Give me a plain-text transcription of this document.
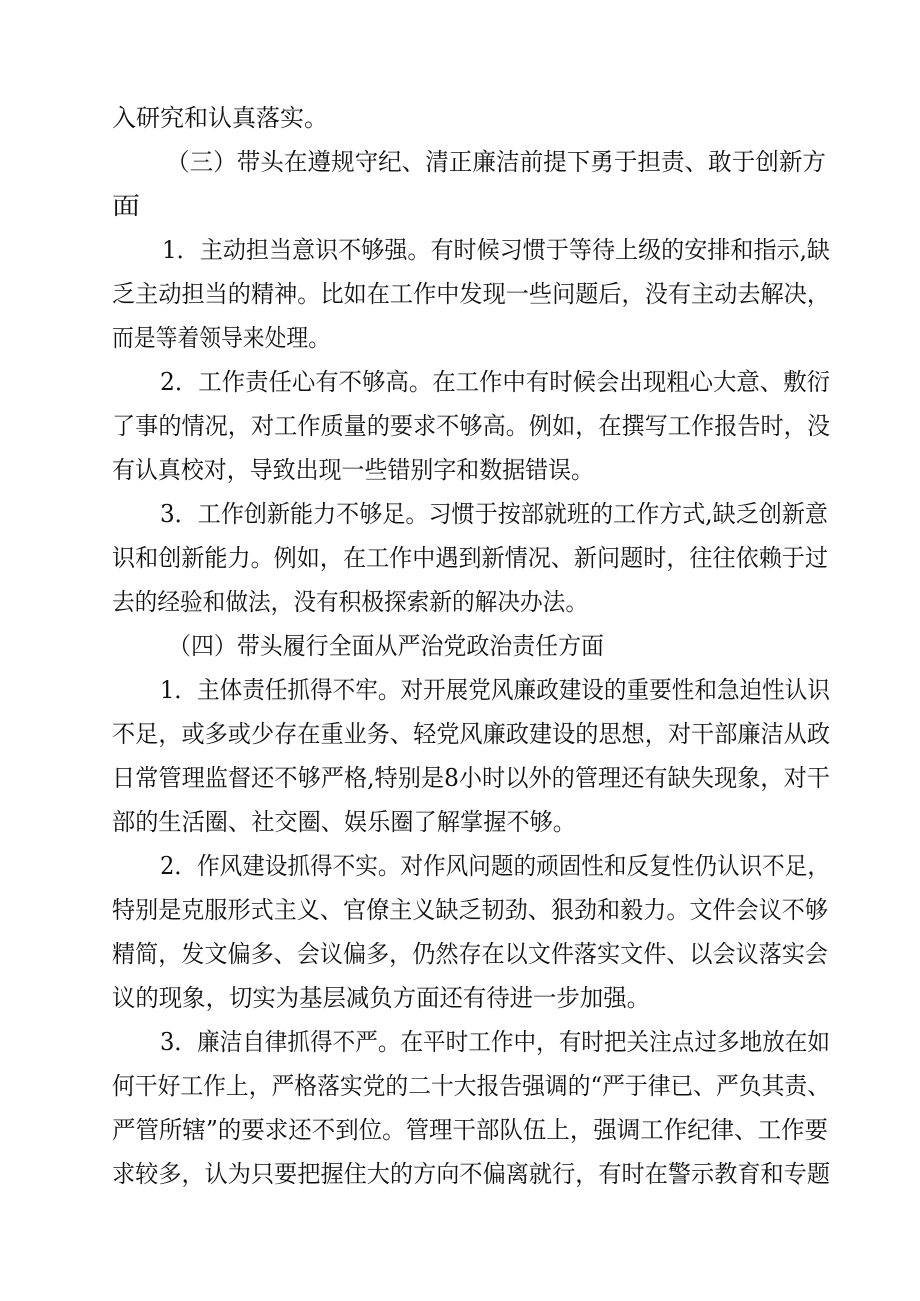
入研究和认真落实。
（三）带头在遵规守纪、清正廉洁前提下勇于担责、敢于创新方
面
1．主动担当意识不够强。有时候习惯于等待上级的安排和指示,缺
乏主动担当的精神。比如在工作中发现一些问题后，没有主动去解决，
而是等着领导来处理。
2．工作责任心有不够高。在工作中有时候会出现粗心大意、敷衍
了事的情况，对工作质量的要求不够高。例如，在撰写工作报告时，没
有认真校对，导致出现一些错别字和数据错误。
3．工作创新能力不够足。习惯于按部就班的工作方式,缺乏创新意
识和创新能力。例如，在工作中遇到新情况、新问题时，往往依赖于过
去的经验和做法，没有积极探索新的解决办法。
（四）带头履行全面从严治党政治责任方面
1．主体责任抓得不牢。对开展党风廉政建设的重要性和急迫性认识
不足，或多或少存在重业务、轻党风廉政建设的思想，对干部廉洁从政
日常管理监督还不够严格,特别是8小时以外的管理还有缺失现象，对干
部的生活圈、社交圈、娱乐圈了解掌握不够。
2．作风建设抓得不实。对作风问题的顽固性和反复性仍认识不足，
特别是克服形式主义、官僚主义缺乏韧劲、狠劲和毅力。文件会议不够
精简，发文偏多、会议偏多，仍然存在以文件落实文件、以会议落实会
议的现象，切实为基层减负方面还有待进一步加强。
3．廉洁自律抓得不严。在平时工作中，有时把关注点过多地放在如
何干好工作上，严格落实党的二十大报告强调的“严于律已、严负其责、
严管所辖”的要求还不到位。管理干部队伍上，强调工作纪律、工作要
求较多，认为只要把握住大的方向不偏离就行，有时在警示教育和专题
